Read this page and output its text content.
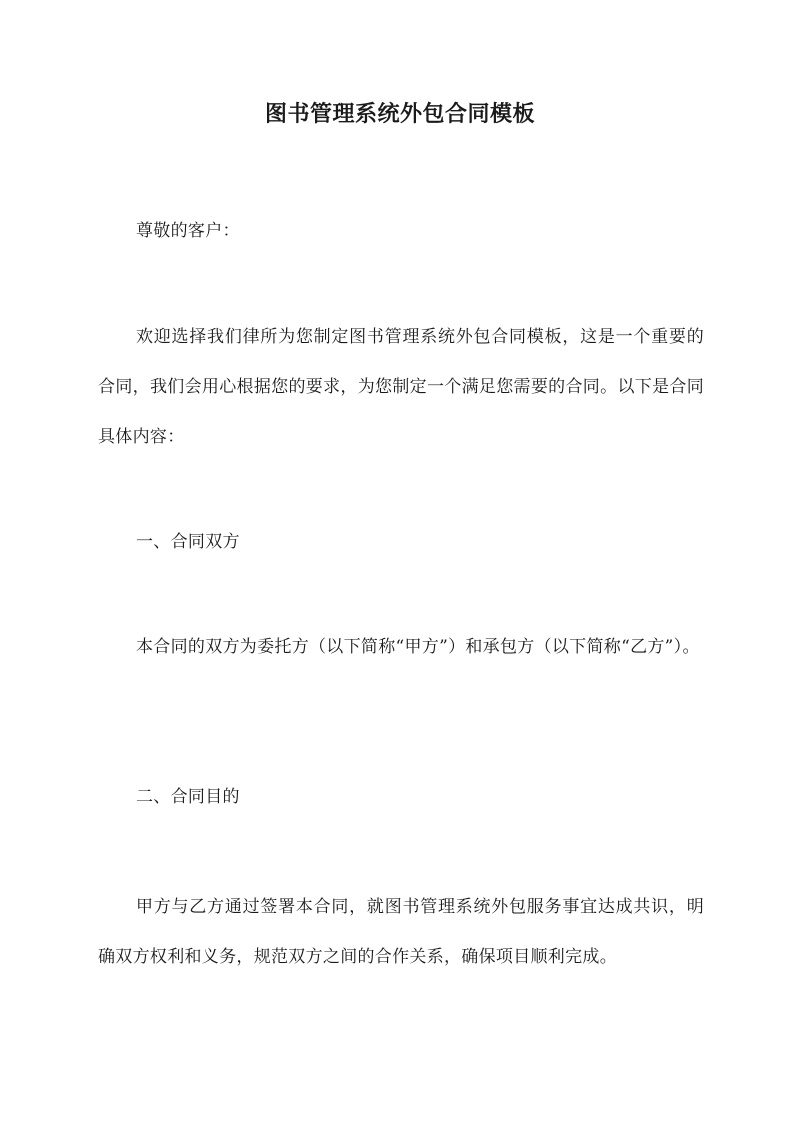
图书管理系统外包合同模板

尊敬的客户：

欢迎选择我们律所为您制定图书管理系统外包合同模板，这是一个重要的合同，我们会用心根据您的要求，为您制定一个满足您需要的合同。以下是合同具体内容：

一、合同双方

本合同的双方为委托方（以下简称“甲方”）和承包方（以下简称“乙方”）。

二、合同目的

甲方与乙方通过签署本合同，就图书管理系统外包服务事宜达成共识，明确双方权利和义务，规范双方之间的合作关系，确保项目顺利完成。
